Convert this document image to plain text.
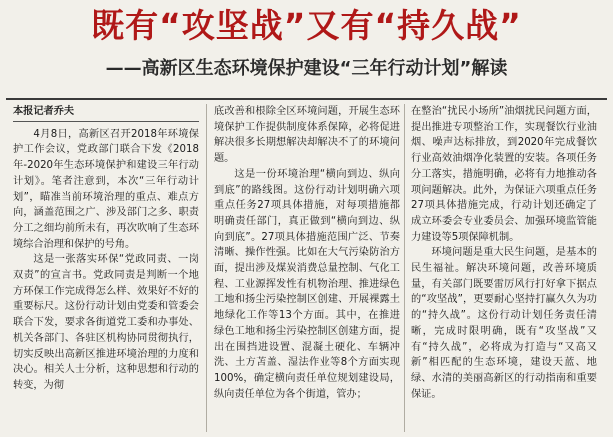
既有“攻坚战”又有“持久战”
——高新区生态环境保护建设“三年行动计划”解读

本报记者乔夫

4月8日，高新区召开2018年环境保护工作会议，党政部门联合下发《2018年-2020年生态环境保护和建设三年行动计划》。笔者注意到，本次“三年行动计划”，瞄准当前环境治理的重点、难点方向，涵盖范围之广、涉及部门之多、职责分工之细均前所未有，再次吹响了生态环境综合治理和保护的号角。

这是一张落实环保“党政同责、一岗双责”的宣言书。党政同责是判断一个地方环保工作完成得怎么样、效果好不好的重要标尺。这份行动计划由党委和管委会联合下发，要求各街道党工委和办事处、机关各部门、各驻区机构协同贯彻执行，切实反映出高新区推进环境治理的力度和决心。相关人士分析，这种思想和行动的转变，为彻

底改善和根除全区环境问题，开展生态环境保护工作提供制度体系保障，必将促进解决很多长期想解决却解决不了的环境问题。

这是一份环境治理“横向到边、纵向到底”的路线图。这份行动计划明确六项重点任务27项具体措施，对每项措施都明确责任部门，真正做到“横向到边、纵向到底”。27项具体措施范围广泛、节奏清晰、操作性强。比如在大气污染防治方面，提出涉及煤炭消费总量控制、气化工程、工业源挥发性有机物治理、推进绿色工地和扬尘污染控制区创建、开展裸露土地绿化工作等13个方面。其中，在推进绿色工地和扬尘污染控制区创建方面，提出在围挡进设置、混凝土硬化、车辆冲洗、土方苫盖、湿法作业等8个方面实现100%，确定横向责任单位规划建设局，纵向责任单位为各个街道，管办；

在整治“扰民小场所”油烟扰民问题方面，提出推进专项整治工作，实现餐饮行业油烟、噪声达标排放，到2020年完成餐饮行业高效油烟净化装置的安装。各项任务分工落实，措施明确，必将有力地推动各项问题解决。此外，为保证六项重点任务27项具体措施完成，行动计划还确定了成立环委会专业委员会、加强环境监管能力建设等5项保障机制。

环境问题是重大民生问题，是基本的民生福祉。解决环境问题，改善环境质量，有关部门既要雷厉风行打好拿下据点的“攻坚战”，更要耐心坚持打赢久久为功的“持久战”。这份行动计划任务责任清晰，完成时限明确，既有“攻坚战”又有“持久战”，必将成为打造与“又高又新”相匹配的生态环境，建设天蓝、地绿、水清的美丽高新区的行动指南和重要保证。
